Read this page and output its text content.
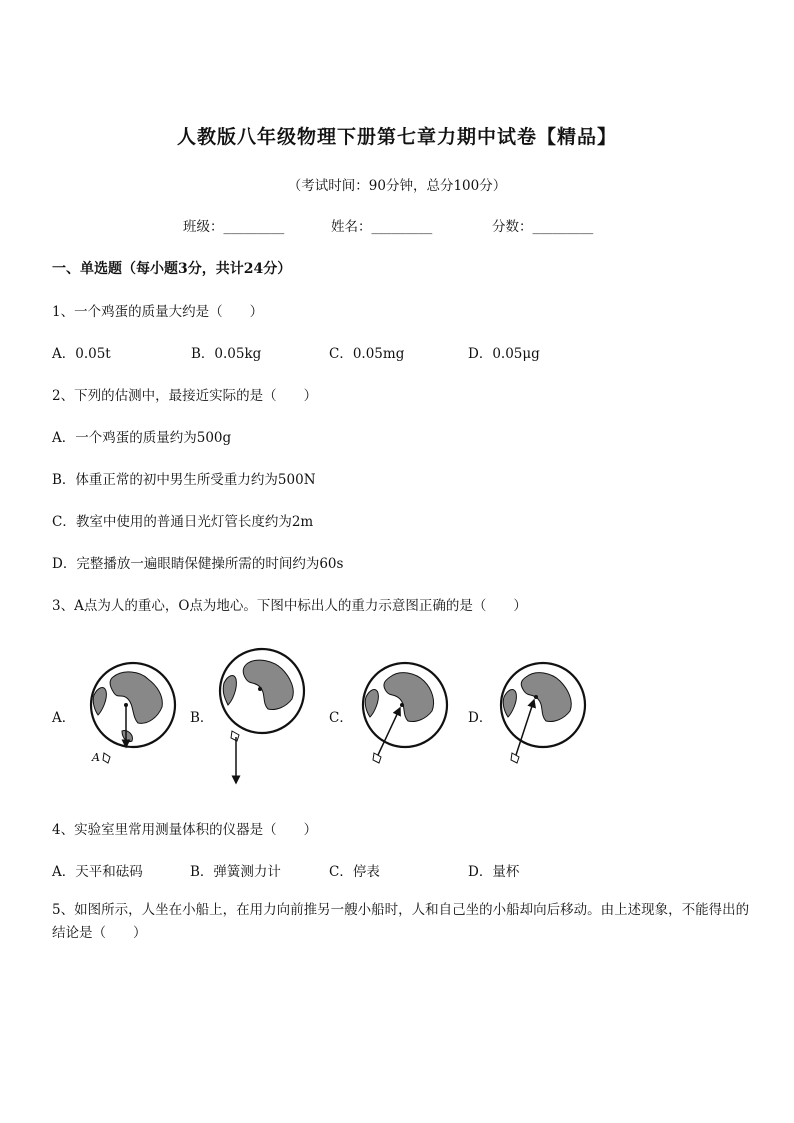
人教版八年级物理下册第七章力期中试卷【精品】
（考试时间：90分钟，总分100分）
班级：_________	姓名：_________	分数：_________
一、单选题（每小题3分，共计24分）
1、一个鸡蛋的质量大约是（　　）
A．0.05t	B．0.05kg	C．0.05mg	D．0.05μg
2、下列的估测中，最接近实际的是（　　）
A．一个鸡蛋的质量约为500g
B．体重正常的初中男生所受重力约为500N
C．教室中使用的普通日光灯管长度约为2m
D．完整播放一遍眼睛保健操所需的时间约为60s
3、A点为人的重心，O点为地心。下图中标出人的重力示意图正确的是（　　）
A．
A
B．	C．	D．
4、实验室里常用测量体积的仪器是（　　）
A．天平和砝码	B．弹簧测力计	C．停表	D．量杯
5、如图所示，人坐在小船上，在用力向前推另一艘小船时，人和自己坐的小船却向后移动。由上述现象，不能得出的结论是（　　）
